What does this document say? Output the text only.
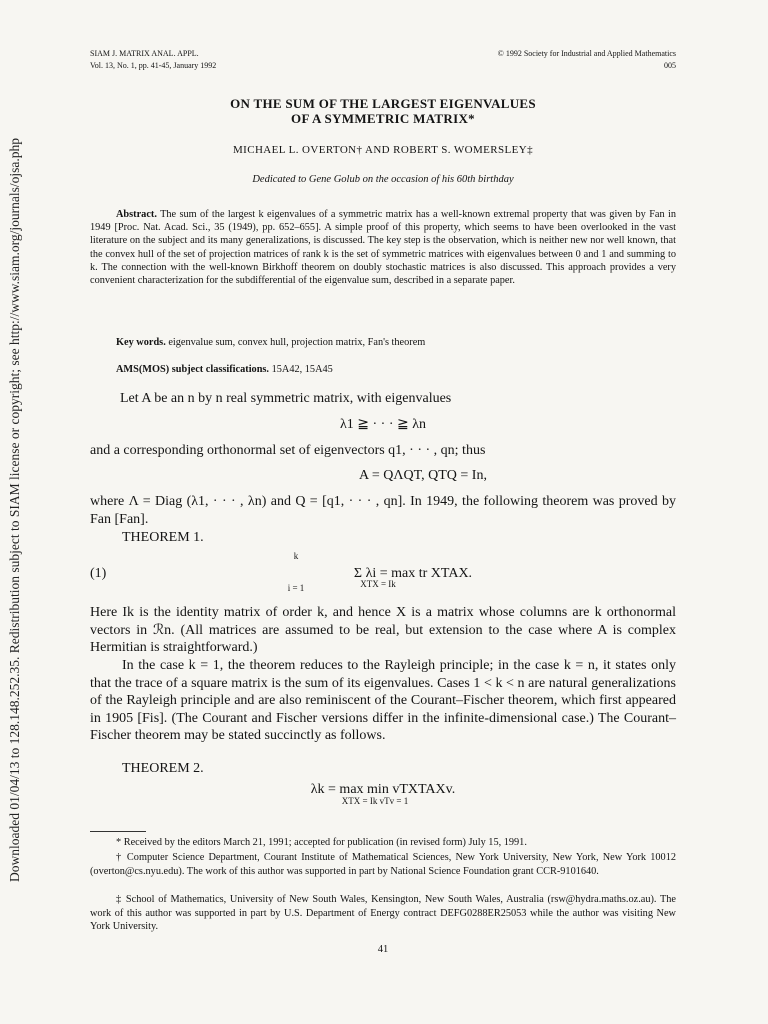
Downloaded 01/04/13 to 128.148.252.35. Redistribution subject to SIAM license or copyright; see http://www.siam.org/journals/ojsa.php
SIAM J. MATRIX ANAL. APPL.
Vol. 13, No. 1, pp. 41-45, January 1992
© 1992 Society for Industrial and Applied Mathematics
005
ON THE SUM OF THE LARGEST EIGENVALUES
OF A SYMMETRIC MATRIX*
MICHAEL L. OVERTON† AND ROBERT S. WOMERSLEY‡
Dedicated to Gene Golub on the occasion of his 60th birthday

Abstract. The sum of the largest k eigenvalues of a symmetric matrix has a well-known extremal property that was given by Fan in 1949 [Proc. Nat. Acad. Sci., 35 (1949), pp. 652–655]. A simple proof of this property, which seems to have been overlooked in the vast literature on the subject and its many generalizations, is discussed. The key step is the observation, which is neither new nor well known, that the convex hull of the set of projection matrices of rank k is the set of symmetric matrices with eigenvalues between 0 and 1 and summing to k. The connection with the well-known Birkhoff theorem on doubly stochastic matrices is also discussed. This approach provides a very convenient characterization for the subdifferential of the eigenvalue sum, described in a separate paper.

Key words. eigenvalue sum, convex hull, projection matrix, Fan's theorem
AMS(MOS) subject classifications. 15A42, 15A45
Let A be an n by n real symmetric matrix, with eigenvalues
λ1 ≧ · · · ≧ λn
and a corresponding orthonormal set of eigenvectors q1, · · · , qn; thus
A = QΛQT, QTQ = In,
where Λ = Diag (λ1, · · · , λn) and Q = [q1, · · · , qn]. In 1949, the following theorem was proved by Fan [Fan].
THEOREM 1.
(1)
k
Σ λi = max tr XTAX.
i = 1	XTX = Ik
Here Ik is the identity matrix of order k, and hence X is a matrix whose columns are k orthonormal vectors in ℛn. (All matrices are assumed to be real, but extension to the case where A is complex Hermitian is straightforward.)
In the case k = 1, the theorem reduces to the Rayleigh principle; in the case k = n, it states only that the trace of a square matrix is the sum of its eigenvalues. Cases 1 < k < n are natural generalizations of the Rayleigh principle and are also reminiscent of the Courant–Fischer theorem, which first appeared in 1905 [Fis]. (The Courant and Fischer versions differ in the infinite-dimensional case.) The Courant–Fischer theorem may be stated succinctly as follows.
THEOREM 2.
λk = max min vTXTAXv.
XTX = Ik vTv = 1
* Received by the editors March 21, 1991; accepted for publication (in revised form) July 15, 1991.
† Computer Science Department, Courant Institute of Mathematical Sciences, New York University, New York, New York 10012 (overton@cs.nyu.edu). The work of this author was supported in part by National Science Foundation grant CCR-9101640.
‡ School of Mathematics, University of New South Wales, Kensington, New South Wales, Australia (rsw@hydra.maths.oz.au). The work of this author was supported in part by U.S. Department of Energy contract DEFG0288ER25053 while the author was visiting New York University.
41
